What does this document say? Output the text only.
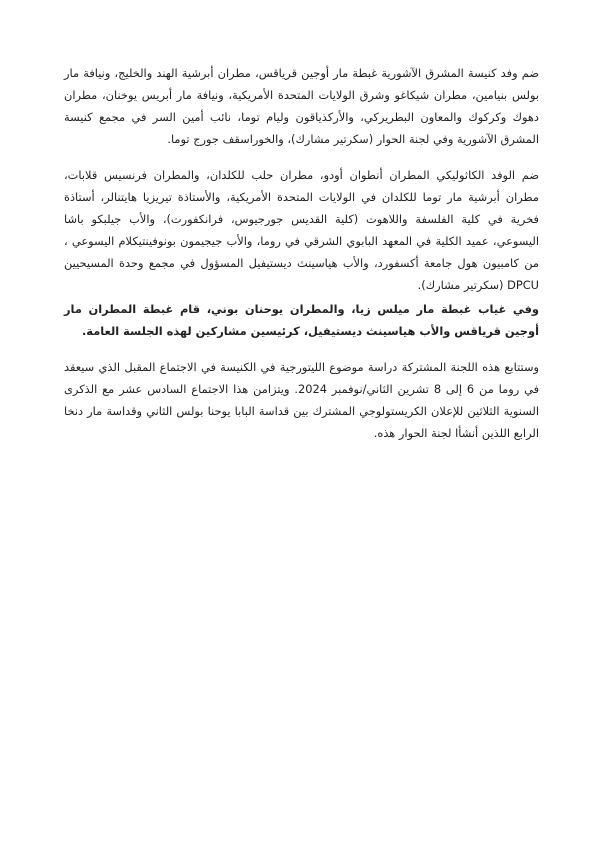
ضم وفد كنيسة المشرق الآشورية غبطة مار أوجين قرياقس، مطران أبرشية الهند والخليج، ونيافة مار بولس بنيامين، مطران شيكاغو وشرق الولايات المتحدة الأمريكية، ونيافة مار أبريس يوخنان، مطران دهوك وكركوك والمعاون البطريركي، والأركذياقون وليام توما، نائب أمين السر في مجمع كنيسة المشرق الآشورية وفي لجنة الحوار (سكرتير مشارك)، والخوراسقف جورج توما.

ضم الوفد الكاثوليكي المطران أنطوان أودو، مطران حلب للكلدان، والمطران فرنسيس قلابات، مطران أبرشية مار توما للكلدان في الولايات المتحدة الأمريكية، والأستاذة تيريزيا هايتنالر، أستاذة فخرية في كلية الفلسفة واللاهوت (كلية القديس جورجيوس، فرانكفورت)، والأب جيلبكو باشا اليسوعي، عميد الكلية في المعهد البابوي الشرقي في روما، والأب جيجيمون بونوفينتيكلام اليسوعي ، من كامبيون هول جامعة أكسفورد، والأب هياسينث ديستيفيل المسؤول في مجمع وحدة المسيحيين DPCU (سكرتير مشارك).

وفي غياب غبطة مار ميلس زيا، والمطران يوحنان بوني، قام غبطة المطران مار أوجين قرياقس والأب هياسينث ديستيفيل، كرئيسين مشاركين لهذه الجلسة العامة.

وستتابع هذه اللجنة المشتركة دراسة موضوع الليتورجية في الكنيسة في الاجتماع المقبل الذي سيعقد في روما من 6 إلى 8 تشرين الثاني/نوفمبر 2024. ويتزامن هذا الاجتماع السادس عشر مع الذكرى السنوية الثلاثين للإعلان الكريستولوجي المشترك بين قداسة البابا يوحنا بولس الثاني وقداسة مار دنخا الرابع اللذين أنشأا لجنة الحوار هذه.
